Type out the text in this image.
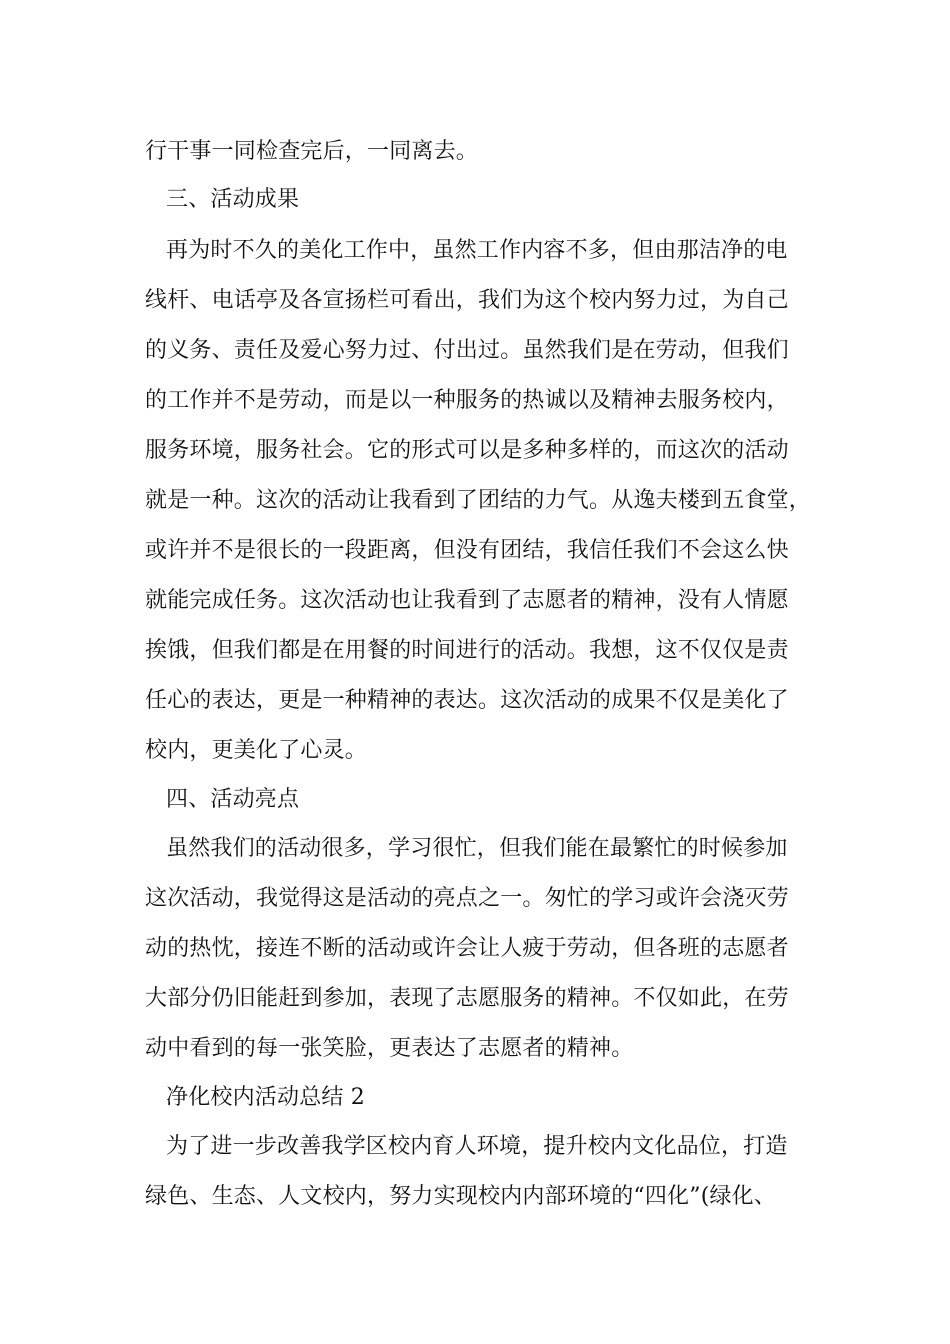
行干事一同检查完后，一同离去。
三、活动成果
再为时不久的美化工作中，虽然工作内容不多，但由那洁净的电
线杆、电话亭及各宣扬栏可看出，我们为这个校内努力过，为自己
的义务、责任及爱心努力过、付出过。虽然我们是在劳动，但我们
的工作并不是劳动，而是以一种服务的热诚以及精神去服务校内，
服务环境，服务社会。它的形式可以是多种多样的，而这次的活动
就是一种。这次的活动让我看到了团结的力气。从逸夫楼到五食堂，
或许并不是很长的一段距离，但没有团结，我信任我们不会这么快
就能完成任务。这次活动也让我看到了志愿者的精神，没有人情愿
挨饿，但我们都是在用餐的时间进行的活动。我想，这不仅仅是责
任心的表达，更是一种精神的表达。这次活动的成果不仅是美化了
校内，更美化了心灵。
四、活动亮点
虽然我们的活动很多，学习很忙，但我们能在最繁忙的时候参加
这次活动，我觉得这是活动的亮点之一。匆忙的学习或许会浇灭劳
动的热忱，接连不断的活动或许会让人疲于劳动，但各班的志愿者
大部分仍旧能赶到参加，表现了志愿服务的精神。不仅如此，在劳
动中看到的每一张笑脸，更表达了志愿者的精神。
净化校内活动总结 2
为了进一步改善我学区校内育人环境，提升校内文化品位，打造
绿色、生态、人文校内，努力实现校内内部环境的“四化”(绿化、
